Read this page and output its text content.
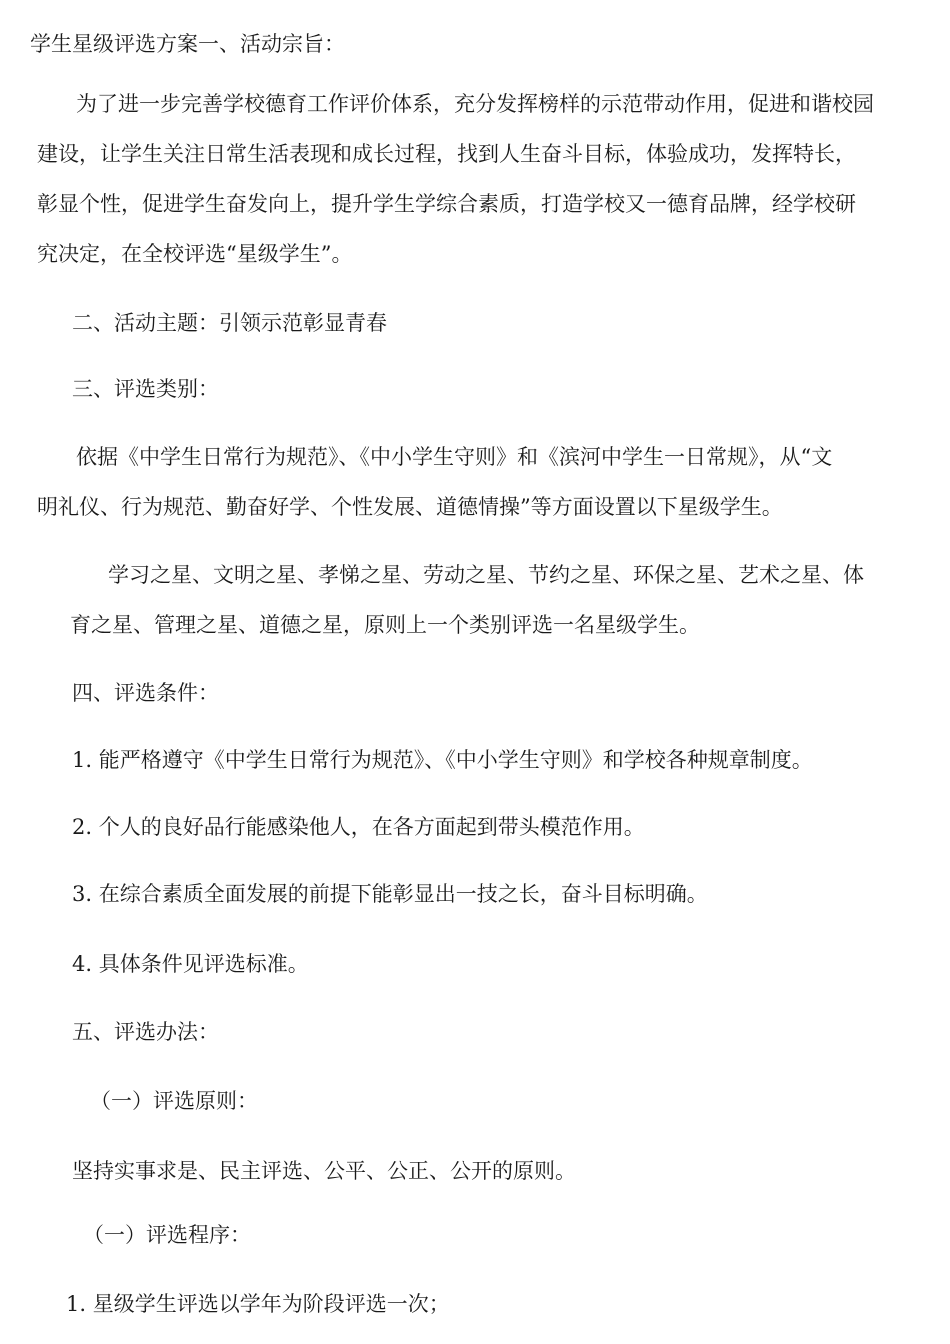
学生星级评选方案一、活动宗旨：

为了进一步完善学校德育工作评价体系，充分发挥榜样的示范带动作用，促进和谐校园

建设，让学生关注日常生活表现和成长过程，找到人生奋斗目标，体验成功，发挥特长，

彰显个性，促进学生奋发向上，提升学生学综合素质，打造学校又一德育品牌，经学校研

究决定，在全校评选“星级学生”。

二、活动主题：引领示范彰显青春

三、评选类别：

依据《中学生日常行为规范》、《中小学生守则》和《滨河中学生一日常规》，从“文

明礼仪、行为规范、勤奋好学、个性发展、道德情操”等方面设置以下星级学生。

学习之星、文明之星、孝悌之星、劳动之星、节约之星、环保之星、艺术之星、体

育之星、管理之星、道德之星，原则上一个类别评选一名星级学生。

四、评选条件：

1. 能严格遵守《中学生日常行为规范》、《中小学生守则》和学校各种规章制度。

2. 个人的良好品行能感染他人，在各方面起到带头模范作用。

3. 在综合素质全面发展的前提下能彰显出一技之长，奋斗目标明确。

4. 具体条件见评选标准。

五、评选办法：

（一）评选原则：

坚持实事求是、民主评选、公平、公正、公开的原则。

（一）评选程序：

1. 星级学生评选以学年为阶段评选一次；
